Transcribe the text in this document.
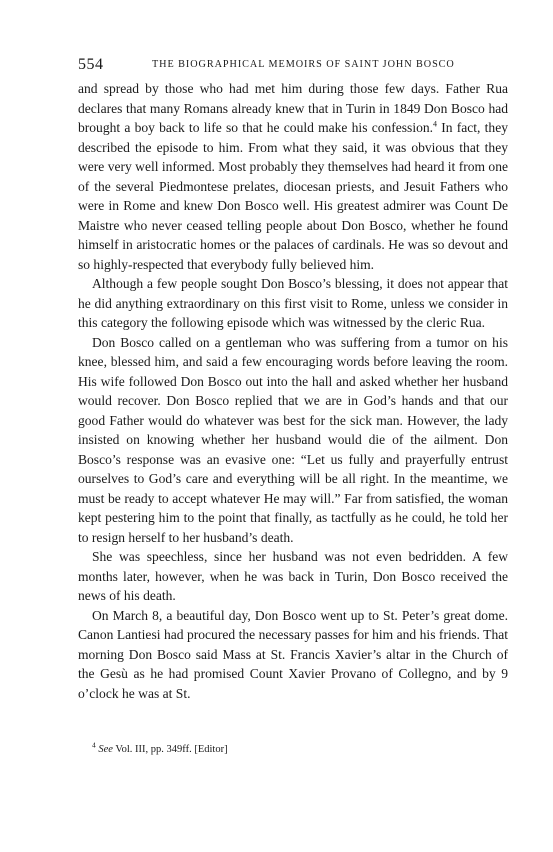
554	THE BIOGRAPHICAL MEMOIRS OF SAINT JOHN BOSCO

and spread by those who had met him during those few days. Father Rua declares that many Romans already knew that in Turin in 1849 Don Bosco had brought a boy back to life so that he could make his confession.$^4$ In fact, they described the episode to him. From what they said, it was obvious that they were very well informed. Most probably they themselves had heard it from one of the several Piedmontese prelates, diocesan priests, and Jesuit Fathers who were in Rome and knew Don Bosco well. His greatest admirer was Count De Maistre who never ceased telling people about Don Bosco, whether he found himself in aristocratic homes or the palaces of cardinals. He was so devout and so highly-respected that everybody fully believed him.

Although a few people sought Don Bosco’s blessing, it does not appear that he did anything extraordinary on this first visit to Rome, unless we consider in this category the following episode which was witnessed by the cleric Rua.

Don Bosco called on a gentleman who was suffering from a tumor on his knee, blessed him, and said a few encouraging words before leaving the room. His wife followed Don Bosco out into the hall and asked whether her husband would recover. Don Bosco replied that we are in God’s hands and that our good Father would do whatever was best for the sick man. However, the lady insisted on knowing whether her husband would die of the ailment. Don Bosco’s response was an evasive one: “Let us fully and prayerfully entrust ourselves to God’s care and everything will be all right. In the meantime, we must be ready to accept whatever He may will.” Far from satisfied, the woman kept pestering him to the point that finally, as tactfully as he could, he told her to resign herself to her husband’s death.

She was speechless, since her husband was not even bedridden. A few months later, however, when he was back in Turin, Don Bosco received the news of his death.

On March 8, a beautiful day, Don Bosco went up to St. Peter’s great dome. Canon Lantiesi had procured the necessary passes for him and his friends. That morning Don Bosco said Mass at St. Francis Xavier’s altar in the Church of the Gesù as he had promised Count Xavier Provano of Collegno, and by 9 o’clock he was at St.

$^4$ See Vol. III, pp. 349ff. [Editor]
